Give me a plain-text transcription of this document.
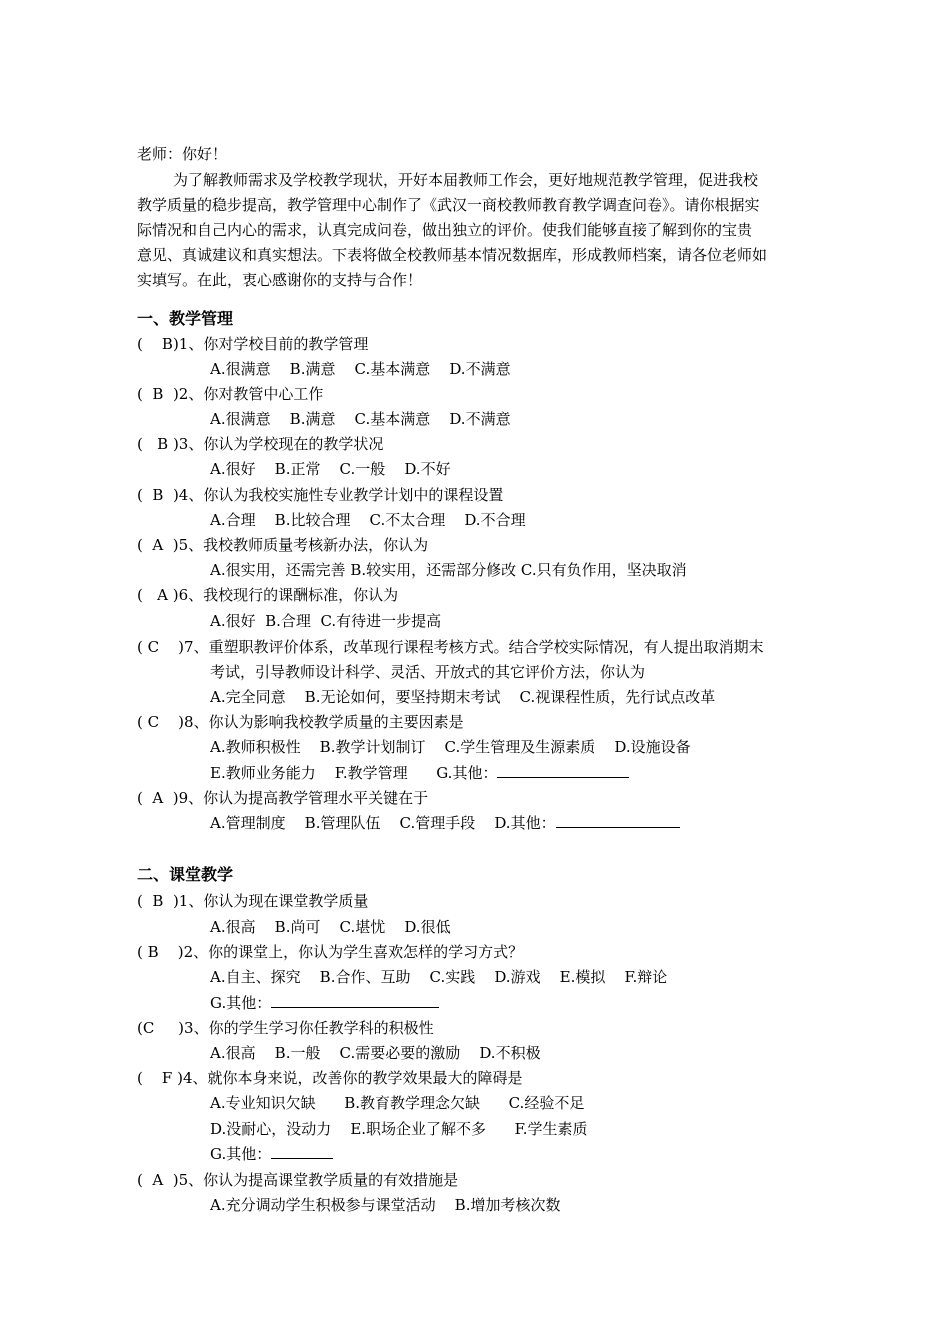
老师：你好！
为了解教师需求及学校教学现状，开好本届教师工作会，更好地规范教学管理，促进我校
教学质量的稳步提高，教学管理中心制作了《武汉一商校教师教育教学调查问卷》。请你根据实
际情况和自己内心的需求，认真完成问卷，做出独立的评价。使我们能够直接了解到你的宝贵
意见、真诚建议和真实想法。下表将做全校教师基本情况数据库，形成教师档案，请各位老师如
实填写。在此，衷心感谢你的支持与合作！
一、教学管理
(    B)1、你对学校目前的教学管理
A.很满意    B.满意    C.基本满意    D.不满意
(  B  )2、你对教管中心工作
A.很满意    B.满意    C.基本满意    D.不满意
(   B )3、你认为学校现在的教学状况
A.很好    B.正常    C.一般    D.不好
(  B  )4、你认为我校实施性专业教学计划中的课程设置
A.合理    B.比较合理    C.不太合理    D.不合理
(  A  )5、我校教师质量考核新办法，你认为
A.很实用，还需完善 B.较实用，还需部分修改 C.只有负作用，坚决取消
(   A )6、我校现行的课酬标准，你认为
A.很好  B.合理  C.有待进一步提高
( C    )7、重塑职教评价体系，改革现行课程考核方式。结合学校实际情况，有人提出取消期末
考试，引导教师设计科学、灵活、开放式的其它评价方法，你认为
A.完全同意    B.无论如何，要坚持期末考试    C.视课程性质，先行试点改革
( C    )8、你认为影响我校教学质量的主要因素是
A.教师积极性    B.教学计划制订    C.学生管理及生源素质    D.设施设备
E.教师业务能力    F.教学管理      G.其他：
(  A  )9、你认为提高教学管理水平关键在于
A.管理制度    B.管理队伍    C.管理手段    D.其他：
二、课堂教学
(  B  )1、你认为现在课堂教学质量
A.很高    B.尚可    C.堪忧    D.很低
( B    )2、你的课堂上，你认为学生喜欢怎样的学习方式？
A.自主、探究    B.合作、互助    C.实践    D.游戏    E.模拟    F.辩论
G.其他：
(C     )3、你的学生学习你任教学科的积极性
A.很高    B.一般    C.需要必要的激励    D.不积极
(    F )4、就你本身来说，改善你的教学效果最大的障碍是
A.专业知识欠缺      B.教育教学理念欠缺      C.经验不足
D.没耐心，没动力    E.职场企业了解不多      F.学生素质
G.其他：
(  A  )5、你认为提高课堂教学质量的有效措施是
A.充分调动学生积极参与课堂活动    B.增加考核次数
